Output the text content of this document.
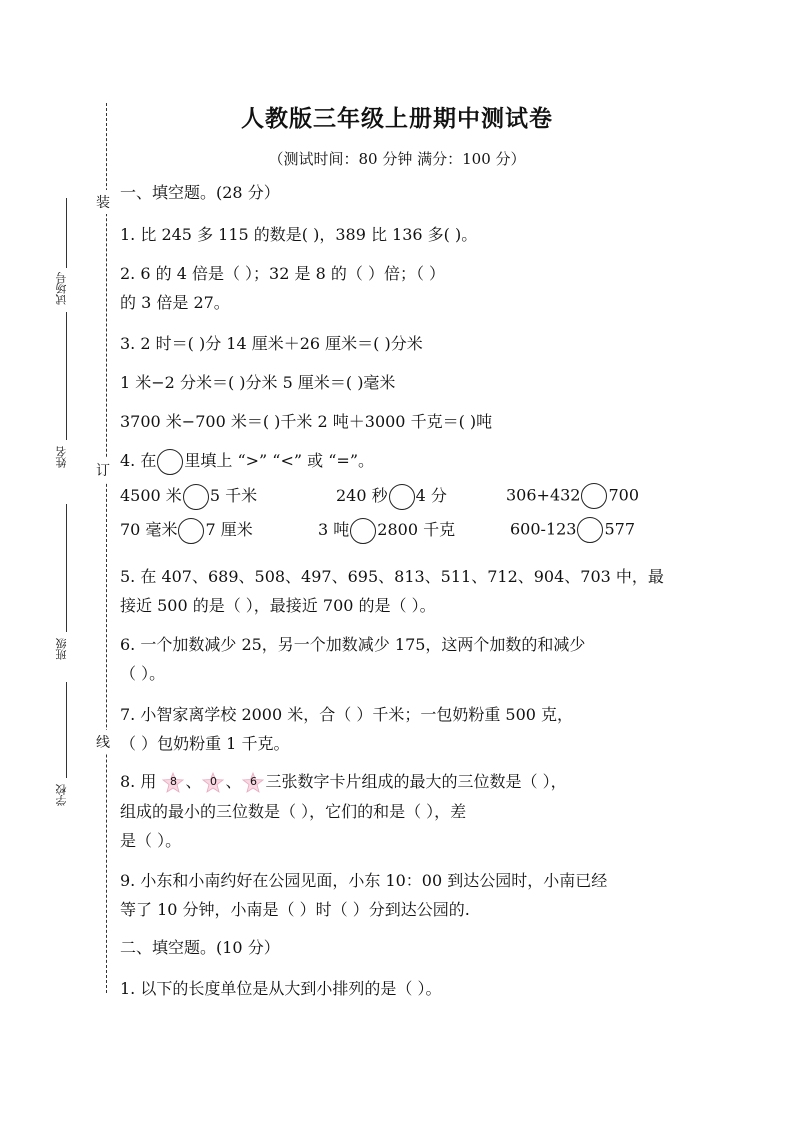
人教版三年级上册期中测试卷
（测试时间：80 分钟 满分：100 分）
装
订
线
试场号
姓名
班级
学校
一、填空题。(28 分）
1. 比 245 多 115 的数是( )，389 比 136 多( )。
2. 6 的 4 倍是（ ）；32 是 8 的（ ）倍；（ ）
的 3 倍是 27。
3. 2 时＝( )分 14 厘米＋26 厘米＝( )分米
1 米−2 分米＝( )分米 5 厘米＝( )毫米
3700 米−700 米＝( )千米 2 吨＋3000 千克＝( )吨
4. 在 里填上 “>” “<” 或 “=”。
4500 米 5 千米	240 秒 4 分	306+432 700
70 毫米 7 厘米	3 吨 2800 千克	600-123 577
5. 在 407、689、508、497、695、813、511、712、904、703 中，最
接近 500 的是（ ），最接近 700 的是（ ）。
6. 一个加数减少 25，另一个加数减少 175，这两个加数的和减少
（ ）。
7. 小智家离学校 2000 米，合（ ）千米；一包奶粉重 500 克，
（ ）包奶粉重 1 千克。
8. 用	8 、 0 、 6 三张数字卡片组成的最大的三位数是（ ），
组成的最小的三位数是（ ），它们的和是（ ），差
是（ ）。
9. 小东和小南约好在公园见面，小东 10：00 到达公园时，小南已经
等了 10 分钟，小南是（ ）时（ ）分到达公园的.
二、填空题。(10 分）
1. 以下的长度单位是从大到小排列的是（ ）。
